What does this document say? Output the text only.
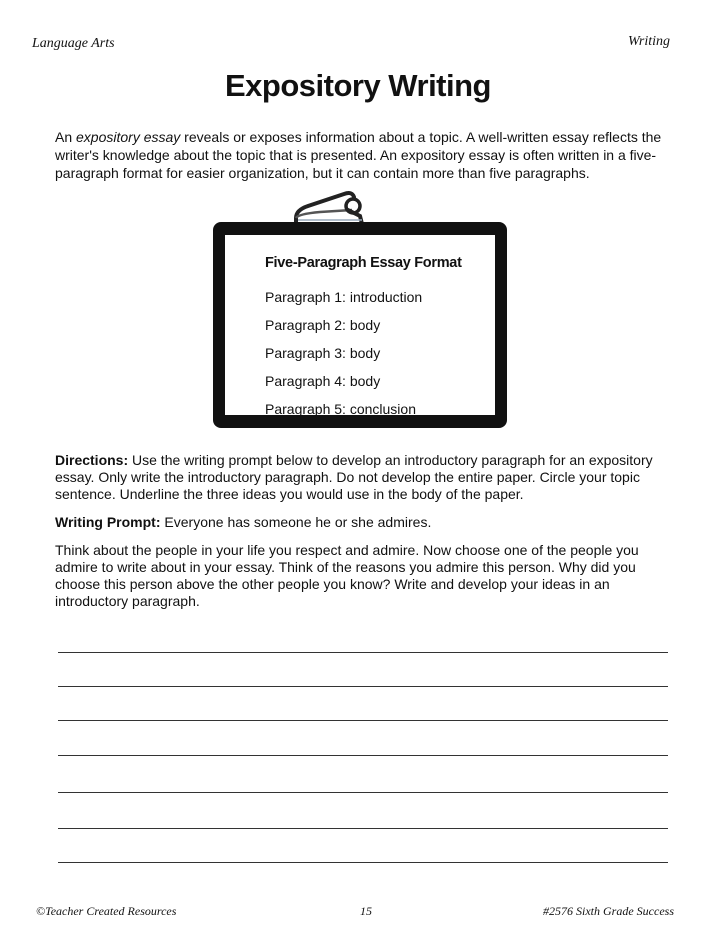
Language Arts	Writing
Expository Writing
An expository essay reveals or exposes information about a topic. A well-written essay reflects the writer's knowledge about the topic that is presented. An expository essay is often written in a five-paragraph format for easier organization, but it can contain more than five paragraphs.
Five-Paragraph Essay Format
Paragraph 1: introduction
Paragraph 2: body
Paragraph 3: body
Paragraph 4: body
Paragraph 5: conclusion
Directions: Use the writing prompt below to develop an introductory paragraph for an expository essay. Only write the introductory paragraph. Do not develop the entire paper. Circle your topic sentence. Underline the three ideas you would use in the body of the paper.
Writing Prompt: Everyone has someone he or she admires.
Think about the people in your life you respect and admire. Now choose one of the people you admire to write about in your essay. Think of the reasons you admire this person. Why did you choose this person above the other people you know? Write and develop your ideas in an introductory paragraph.
©Teacher Created Resources	15	#2576 Sixth Grade Success
